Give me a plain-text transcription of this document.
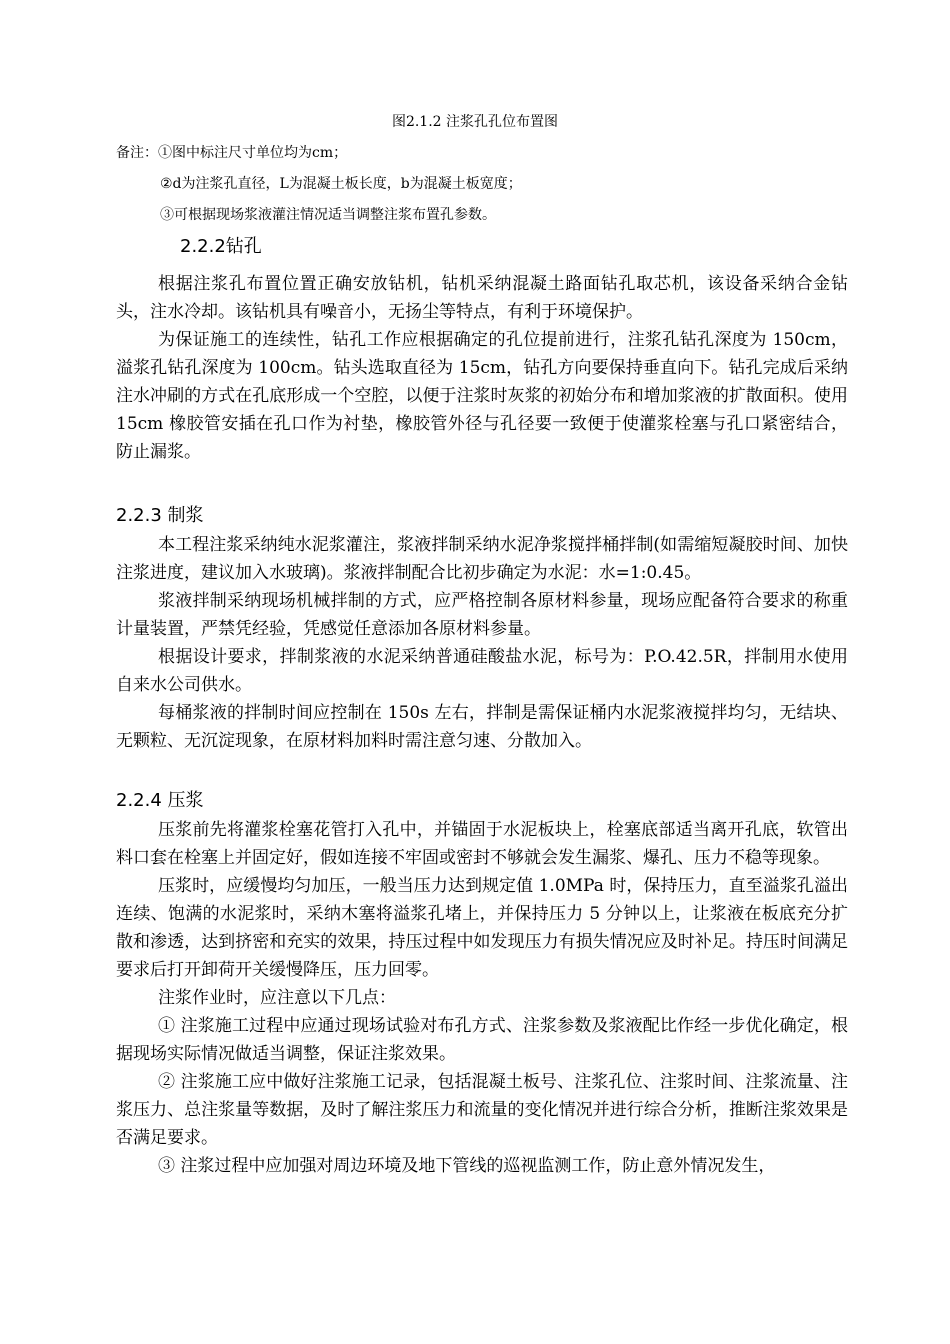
图2.1.2 注浆孔孔位布置图
备注：①图中标注尺寸单位均为cm；
②d为注浆孔直径，L为混凝土板长度，b为混凝土板宽度；
③可根据现场浆液灌注情况适当调整注浆布置孔参数。
2.2.2钻孔

根据注浆孔布置位置正确安放钻机，钻机采纳混凝土路面钻孔取芯机，该设备采纳合金钻头，注水冷却。该钻机具有噪音小，无扬尘等特点，有利于环境保护。

为保证施工的连续性，钻孔工作应根据确定的孔位提前进行，注浆孔钻孔深度为 150cm，溢浆孔钻孔深度为 100cm。钻头选取直径为 15cm，钻孔方向要保持垂直向下。钻孔完成后采纳注水冲刷的方式在孔底形成一个空腔，以便于注浆时灰浆的初始分布和增加浆液的扩散面积。使用 15cm 橡胶管安插在孔口作为衬垫，橡胶管外径与孔径要一致便于使灌浆栓塞与孔口紧密结合，防止漏浆。

2.2.3 制浆

本工程注浆采纳纯水泥浆灌注，浆液拌制采纳水泥净浆搅拌桶拌制(如需缩短凝胶时间、加快注浆进度，建议加入水玻璃)。浆液拌制配合比初步确定为水泥：水=1:0.45。

浆液拌制采纳现场机械拌制的方式，应严格控制各原材料参量，现场应配备符合要求的称重计量装置，严禁凭经验，凭感觉任意添加各原材料参量。

根据设计要求，拌制浆液的水泥采纳普通硅酸盐水泥，标号为：P.O.42.5R，拌制用水使用自来水公司供水。

每桶浆液的拌制时间应控制在 150s 左右，拌制是需保证桶内水泥浆液搅拌均匀，无结块、无颗粒、无沉淀现象，在原材料加料时需注意匀速、分散加入。

2.2.4 压浆

压浆前先将灌浆栓塞花管打入孔中，并锚固于水泥板块上，栓塞底部适当离开孔底，软管出料口套在栓塞上并固定好，假如连接不牢固或密封不够就会发生漏浆、爆孔、压力不稳等现象。

压浆时，应缓慢均匀加压，一般当压力达到规定值 1.0MPa 时，保持压力，直至溢浆孔溢出连续、饱满的水泥浆时，采纳木塞将溢浆孔堵上，并保持压力 5 分钟以上，让浆液在板底充分扩散和渗透，达到挤密和充实的效果，持压过程中如发现压力有损失情况应及时补足。持压时间满足要求后打开卸荷开关缓慢降压，压力回零。

注浆作业时，应注意以下几点：

① 注浆施工过程中应通过现场试验对布孔方式、注浆参数及浆液配比作经一步优化确定，根据现场实际情况做适当调整，保证注浆效果。

② 注浆施工应中做好注浆施工记录，包括混凝土板号、注浆孔位、注浆时间、注浆流量、注浆压力、总注浆量等数据，及时了解注浆压力和流量的变化情况并进行综合分析，推断注浆效果是否满足要求。

③ 注浆过程中应加强对周边环境及地下管线的巡视监测工作，防止意外情况发生，
